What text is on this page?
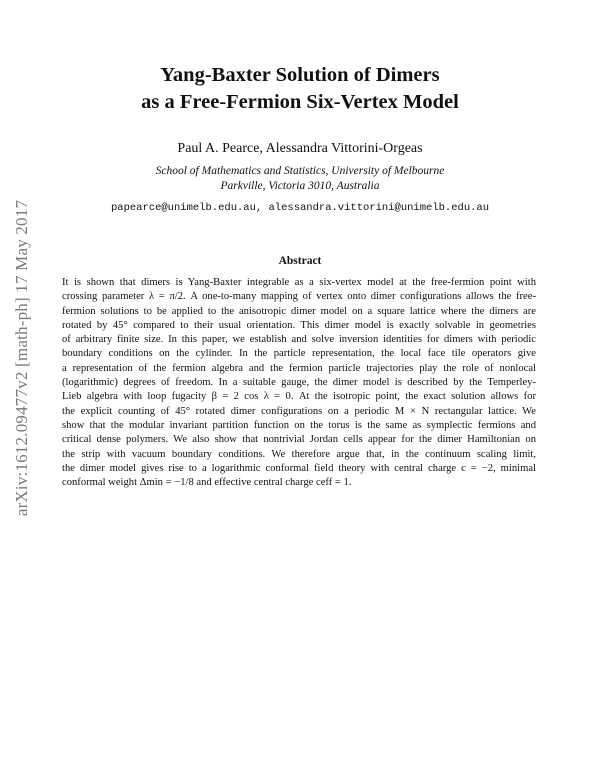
arXiv:1612.09477v2 [math-ph] 17 May 2017
Yang-Baxter Solution of Dimers
as a Free-Fermion Six-Vertex Model
Paul A. Pearce, Alessandra Vittorini-Orgeas
School of Mathematics and Statistics, University of Melbourne
Parkville, Victoria 3010, Australia
papearce@unimelb.edu.au, alessandra.vittorini@unimelb.edu.au
Abstract
It is shown that dimers is Yang-Baxter integrable as a six-vertex model at the free-fermion point with
crossing parameter λ = π/2. A one-to-many mapping of vertex onto dimer configurations allows the free-
fermion solutions to be applied to the anisotropic dimer model on a square lattice where the dimers are
rotated by 45° compared to their usual orientation. This dimer model is exactly solvable in geometries
of arbitrary finite size. In this paper, we establish and solve inversion identities for dimers with periodic
boundary conditions on the cylinder. In the particle representation, the local face tile operators give
a representation of the fermion algebra and the fermion particle trajectories play the role of nonlocal
(logarithmic) degrees of freedom. In a suitable gauge, the dimer model is described by the Temperley-
Lieb algebra with loop fugacity β = 2 cos λ = 0. At the isotropic point, the exact solution allows for
the explicit counting of 45° rotated dimer configurations on a periodic M × N rectangular lattice. We
show that the modular invariant partition function on the torus is the same as symplectic fermions and
critical dense polymers. We also show that nontrivial Jordan cells appear for the dimer Hamiltonian on
the strip with vacuum boundary conditions. We therefore argue that, in the continuum scaling limit,
the dimer model gives rise to a logarithmic conformal field theory with central charge c = −2, minimal
conformal weight Δmin = −1/8 and effective central charge ceff = 1.
